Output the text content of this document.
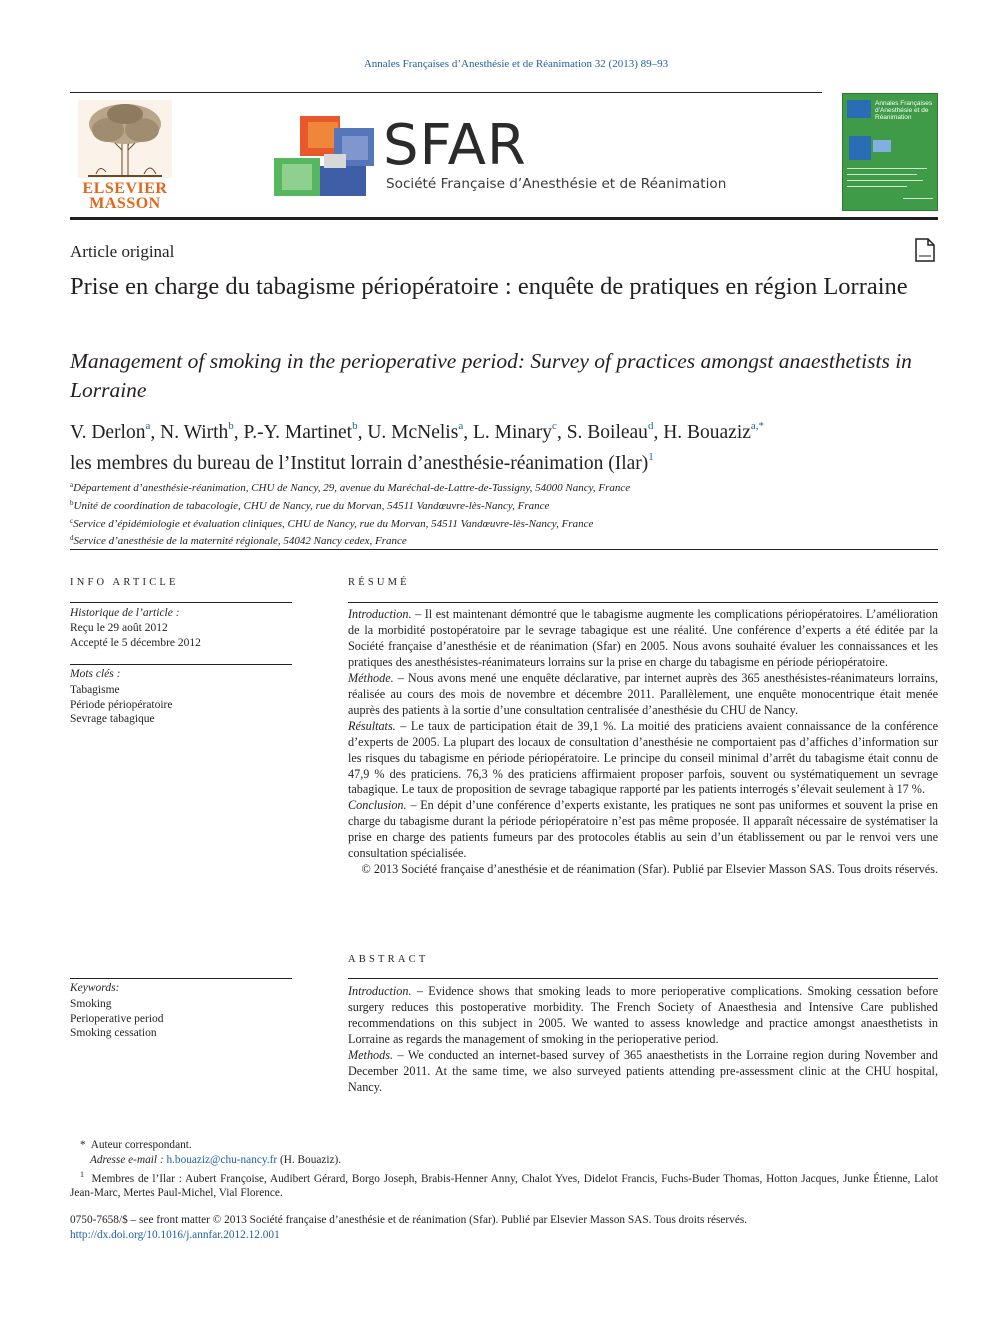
Annales Françaises d’Anesthésie et de Réanimation 32 (2013) 89–93
ELSEVIER
MASSON
SFAR
Société Française d’Anesthésie et de Réanimation
Annales Françaises d’Anesthésie et de Réanimation
Article original
Prise en charge du tabagisme périopératoire : enquête de pratiques en région Lorraine
Management of smoking in the perioperative period: Survey of practices amongst anaesthetists in Lorraine
V. Derlon$^a$, N. Wirth$^b$, P.-Y. Martinet$^b$, U. McNelis$^a$, L. Minary$^c$, S. Boileau$^d$, H. Bouaziz$^{a,*}$
les membres du bureau de l’Institut lorrain d’anesthésie-réanimation (Ilar)$^1$
$^a$Département d’anesthésie-réanimation, CHU de Nancy, 29, avenue du Maréchal-de-Lattre-de-Tassigny, 54000 Nancy, France
$^b$Unité de coordination de tabacologie, CHU de Nancy, rue du Morvan, 54511 Vandœuvre-lès-Nancy, France
$^c$Service d’épidémiologie et évaluation cliniques, CHU de Nancy, rue du Morvan, 54511 Vandœuvre-lès-Nancy, France
$^d$Service d’anesthésie de la maternité régionale, 54042 Nancy cedex, France
INFO ARTICLE
Historique de l’article :
Reçu le 29 août 2012
Accepté le 5 décembre 2012
Mots clés :
Tabagisme
Période périopératoire
Sevrage tabagique
Keywords:
Smoking
Perioperative period
Smoking cessation
RÉSUMÉ

Introduction. – Il est maintenant démontré que le tabagisme augmente les complications périopératoires. L’amélioration de la morbidité postopératoire par le sevrage tabagique est une réalité. Une conférence d’experts a été éditée par la Société française d’anesthésie et de réanimation (Sfar) en 2005. Nous avons souhaité évaluer les connaissances et les pratiques des anesthésistes-réanimateurs lorrains sur la prise en charge du tabagisme en période périopératoire.

Méthode. – Nous avons mené une enquête déclarative, par internet auprès des 365 anesthésistes-réanimateurs lorrains, réalisée au cours des mois de novembre et décembre 2011. Parallèlement, une enquête monocentrique était menée auprès des patients à la sortie d’une consultation centralisée d’anesthésie du CHU de Nancy.

Résultats. – Le taux de participation était de 39,1 %. La moitié des praticiens avaient connaissance de la conférence d’experts de 2005. La plupart des locaux de consultation d’anesthésie ne comportaient pas d’affiches d’information sur les risques du tabagisme en période périopératoire. Le principe du conseil minimal d’arrêt du tabagisme était connu de 47,9 % des praticiens. 76,3 % des praticiens affirmaient proposer parfois, souvent ou systématiquement un sevrage tabagique. Le taux de proposition de sevrage tabagique rapporté par les patients interrogés s’élevait seulement à 17 %.

Conclusion. – En dépit d’une conférence d’experts existante, les pratiques ne sont pas uniformes et souvent la prise en charge du tabagisme durant la période périopératoire n’est pas même proposée. Il apparaît nécessaire de systématiser la prise en charge des patients fumeurs par des protocoles établis au sein d’un établissement ou par le renvoi vers une consultation spécialisée.

© 2013 Société française d’anesthésie et de réanimation (Sfar). Publié par Elsevier Masson SAS. Tous droits réservés.

ABSTRACT

Introduction. – Evidence shows that smoking leads to more perioperative complications. Smoking cessation before surgery reduces this postoperative morbidity. The French Society of Anaesthesia and Intensive Care published recommendations on this subject in 2005. We wanted to assess knowledge and practice amongst anaesthetists in Lorraine as regards the management of smoking in the perioperative period.

Methods. – We conducted an internet-based survey of 365 anaesthetists in the Lorraine region during November and December 2011. At the same time, we also surveyed patients attending pre-assessment clinic at the CHU hospital, Nancy.

* Auteur correspondant.
Adresse e-mail : h.bouaziz@chu-nancy.fr (H. Bouaziz).
$^1$ Membres de l’Ilar : Aubert Françoise, Audibert Gérard, Borgo Joseph, Brabis-Henner Anny, Chalot Yves, Didelot Francis, Fuchs-Buder Thomas, Hotton Jacques, Junke Étienne, Lalot Jean-Marc, Mertes Paul-Michel, Vial Florence.
0750-7658/$ – see front matter © 2013 Société française d’anesthésie et de réanimation (Sfar). Publié par Elsevier Masson SAS. Tous droits réservés.
http://dx.doi.org/10.1016/j.annfar.2012.12.001
